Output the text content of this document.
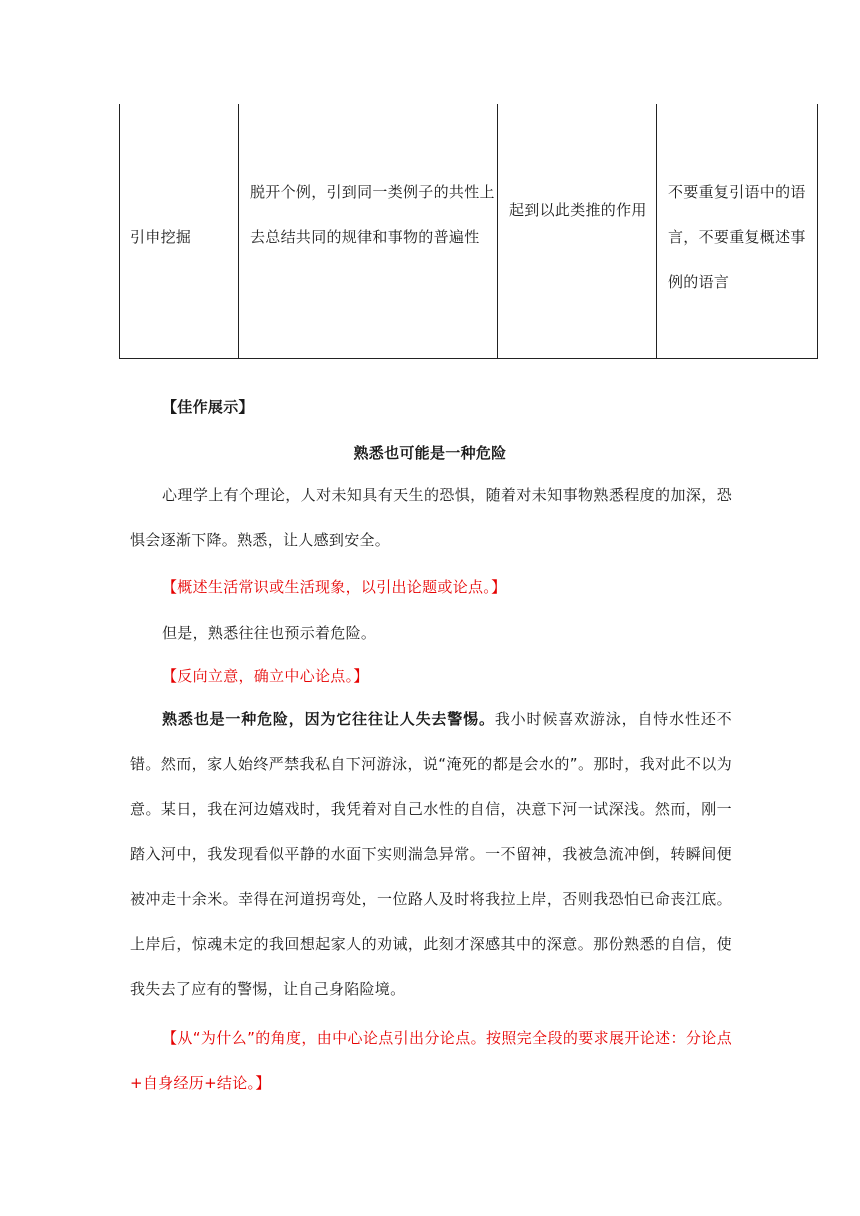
引申挖掘
脱开个例，引到同一类例子的共性上去总结共同的规律和事物的普遍性
起到以此类推的作用
不要重复引语中的语言，不要重复概述事例的语言
【佳作展示】
熟悉也可能是一种危险
心理学上有个理论，人对未知具有天生的恐惧，随着对未知事物熟悉程度的加深，恐惧会逐渐下降。熟悉，让人感到安全。
【概述生活常识或生活现象，以引出论题或论点。】
但是，熟悉往往也预示着危险。
【反向立意，确立中心论点。】
熟悉也是一种危险，因为它往往让人失去警惕。我小时候喜欢游泳，自恃水性还不错。然而，家人始终严禁我私自下河游泳，说“淹死的都是会水的”。那时，我对此不以为意。某日，我在河边嬉戏时，我凭着对自己水性的自信，决意下河一试深浅。然而，刚一踏入河中，我发现看似平静的水面下实则湍急异常。一不留神，我被急流冲倒，转瞬间便被冲走十余米。幸得在河道拐弯处，一位路人及时将我拉上岸，否则我恐怕已命丧江底。上岸后，惊魂未定的我回想起家人的劝诫，此刻才深感其中的深意。那份熟悉的自信，使我失去了应有的警惕，让自己身陷险境。
【从“为什么”的角度，由中心论点引出分论点。按照完全段的要求展开论述：分论点+自身经历+结论。】
